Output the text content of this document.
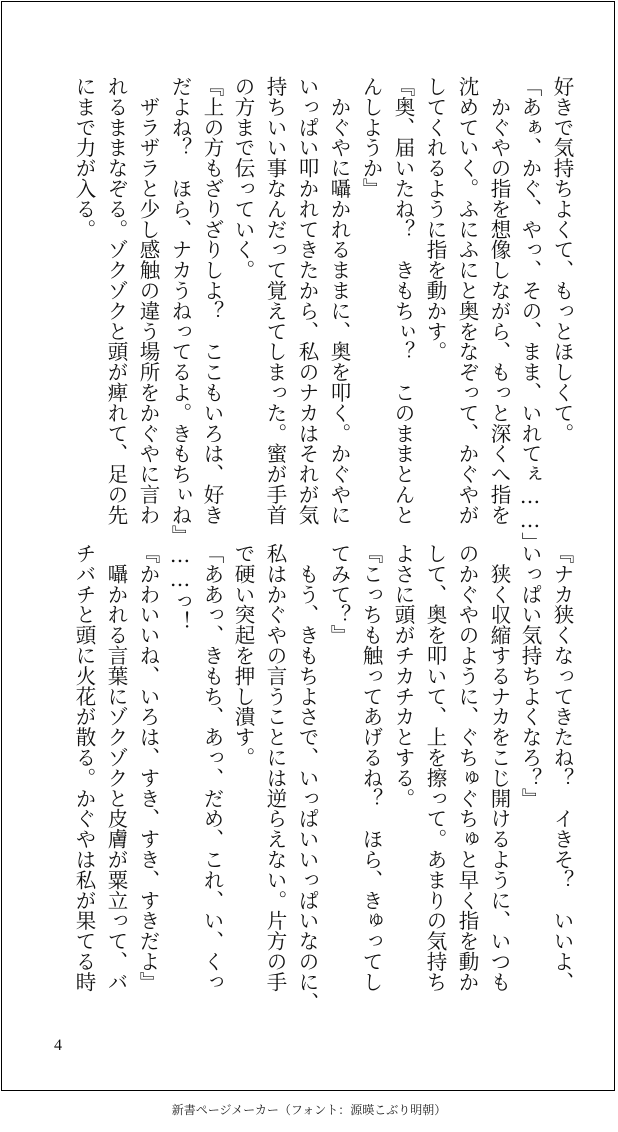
好きで気持ちよくて、もっとほしくて。
「あぁ、かぐ、やっ、その、まま、いれてぇ……」
　かぐやの指を想像しながら、もっと深くへ指を
沈めていく。ふにふにと奥をなぞって、かぐやが
してくれるように指を動かす。
『奥、届いたね？　きもちぃ？　このままとんと
んしようか』
　かぐやに囁かれるままに、奥を叩く。かぐやに
いっぱい叩かれてきたから、私のナカはそれが気
持ちいい事なんだって覚えてしまった。蜜が手首
の方まで伝っていく。
『上の方もざりざりしよ？　ここもいろは、好き
だよね？　ほら、ナカうねってるよ。きもちぃね』
　ザラザラと少し感触の違う場所をかぐやに言わ
れるままなぞる。ゾクゾクと頭が痺れて、足の先
にまで力が入る。
『ナカ狭くなってきたね？　イきそ？　いいよ、
いっぱい気持ちよくなろ？』
　狭く収縮するナカをこじ開けるように、いつも
のかぐやのように、ぐちゅぐちゅと早く指を動か
して、奥を叩いて、上を擦って。あまりの気持ち
よさに頭がチカチカとする。
『こっちも触ってあげるね？　ほら、きゅってし
てみて？』
　もう、きもちよさで、いっぱいいっぱいなのに、
私はかぐやの言うことには逆らえない。片方の手
で硬い突起を押し潰す。
「ああっ、きもち、あっ、だめ、これ、い、くっ
……っ！
『かわいいね、いろは、すき、すき、すきだよ』
　囁かれる言葉にゾクゾクと皮膚が粟立って、バ
チバチと頭に火花が散る。かぐやは私が果てる時
4
新書ページメーカー（フォント：源暎こぶり明朝）
